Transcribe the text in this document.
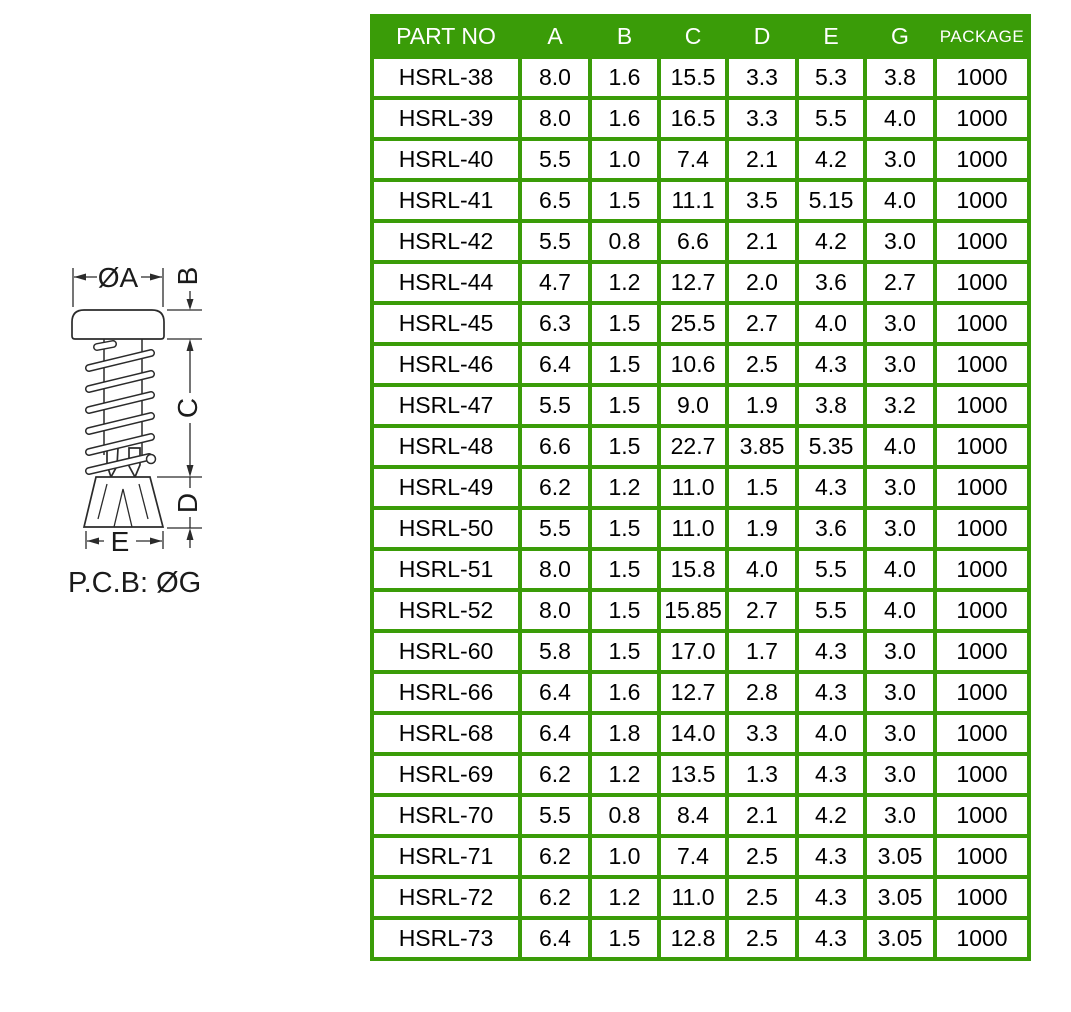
ØA B
C
D
E
P.C.B: ØG
PART NO	A	B	C	D	E	G	PACKAGE
HSRL-38	8.0	1.6	15.5	3.3	5.3	3.8	1000
HSRL-39	8.0	1.6	16.5	3.3	5.5	4.0	1000
HSRL-40	5.5	1.0	7.4	2.1	4.2	3.0	1000
HSRL-41	6.5	1.5	11.1	3.5	5.15	4.0	1000
HSRL-42	5.5	0.8	6.6	2.1	4.2	3.0	1000
HSRL-44	4.7	1.2	12.7	2.0	3.6	2.7	1000
HSRL-45	6.3	1.5	25.5	2.7	4.0	3.0	1000
HSRL-46	6.4	1.5	10.6	2.5	4.3	3.0	1000
HSRL-47	5.5	1.5	9.0	1.9	3.8	3.2	1000
HSRL-48	6.6	1.5	22.7	3.85	5.35	4.0	1000
HSRL-49	6.2	1.2	11.0	1.5	4.3	3.0	1000
HSRL-50	5.5	1.5	11.0	1.9	3.6	3.0	1000
HSRL-51	8.0	1.5	15.8	4.0	5.5	4.0	1000
HSRL-52	8.0	1.5	15.85	2.7	5.5	4.0	1000
HSRL-60	5.8	1.5	17.0	1.7	4.3	3.0	1000
HSRL-66	6.4	1.6	12.7	2.8	4.3	3.0	1000
HSRL-68	6.4	1.8	14.0	3.3	4.0	3.0	1000
HSRL-69	6.2	1.2	13.5	1.3	4.3	3.0	1000
HSRL-70	5.5	0.8	8.4	2.1	4.2	3.0	1000
HSRL-71	6.2	1.0	7.4	2.5	4.3	3.05	1000
HSRL-72	6.2	1.2	11.0	2.5	4.3	3.05	1000
HSRL-73	6.4	1.5	12.8	2.5	4.3	3.05	1000
